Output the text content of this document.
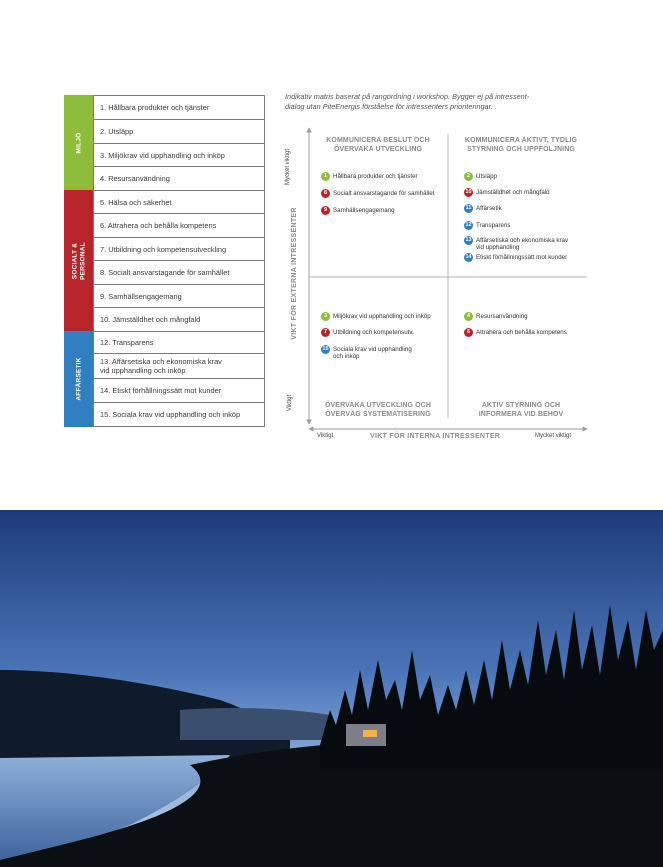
MILJÖ
SOCIALT &
PERSONAL
AFFÄRSETIK
1. Hållbara produkter och tjänster
2. Utsläpp
3. Miljökrav vid upphandling och inköp
4. Resursanvändning
5. Hälsa och säkerhet
6. Attrahera och behålla kompetens
7. Utbildning och kompetensutveckling
8. Socialt ansvarstagande för samhället
9. Samhällsengagemang
10. Jämställdhet och mångfald
12. Transparens
13. Affärsetiska och ekonomiska krav
vid upphandling och inköp
14. Etiskt förhållningssätt mot kunder
15. Sociala krav vid upphandling och inköp
Indikativ matris baserat på rangordning i workshop. Bygger ej på intressent-
dialog utan PiteEnergis förståelse för intressenters prioriteringar.
KOMMUNICERA BESLUT OCH
ÖVERVAKA UTVECKLING
KOMMUNICERA AKTIVT, TYDLIG
STYRNING OCH UPPFÖLJNING
ÖVERVAKA UTVECKLING OCH
ÖVERVÄG SYSTEMATISERING
AKTIV STYRNING OCH
INFORMERA VID BEHOV
1 Hållbara produkter och tjänster
8 Socialt ansvarstagande för samhället
9 Samhällsengagemang
2 Utsläpp
10 Jämställdhet och mångfald
11 Affärsetik
12 Transparens
13 Affärsetiska och ekonomiska krav
vid upphandling
14 Etiskt förhållningssätt mot kunder
3 Miljökrav vid upphandling och inköp
7 Utbildning och kompetensutv.
15 Sociala krav vid upphandling
och inköp
4 Resursanvändning
6 Attrahera och behålla kompetens
Mycket viktigt
Viktigt
VIKT FÖR EXTERNA INTRESSENTER
Viktigt	VIKT FÖR INTERNA INTRESSENTER	Mycket viktigt
